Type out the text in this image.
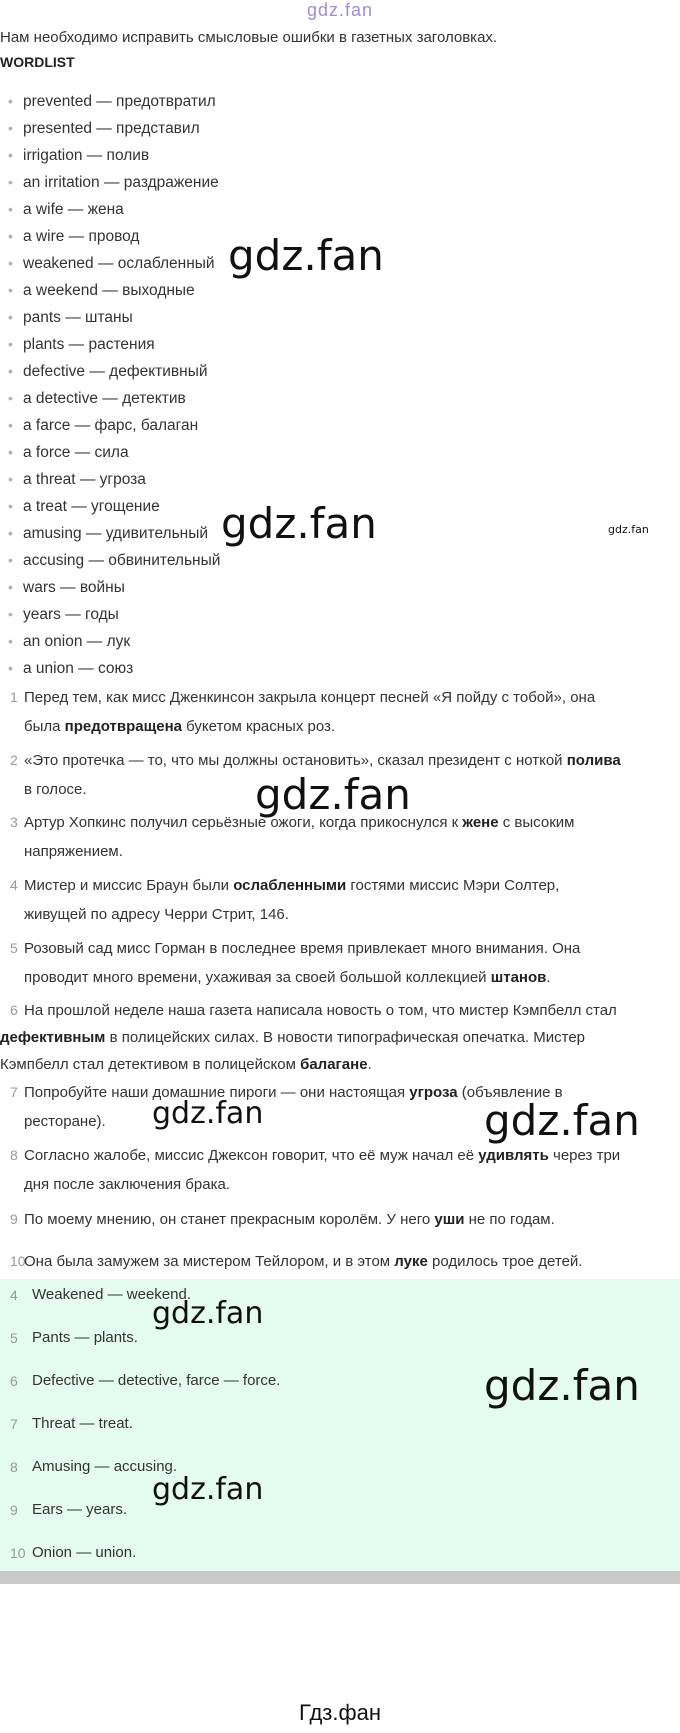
gdz.fan
Нам необходимо исправить смысловые ошибки в газетных заголовках.
WORDLIST
• prevented — предотвратил
• presented — представил
• irrigation — полив
• an irritation — раздражение
• a wife — жена
• a wire — провод
• weakened — ослабленный
• a weekend — выходные
• pants — штаны
• plants — растения
• defective — дефективный
• a detective — детектив
• a farce — фарс, балаган
• a force — сила
• a threat — угроза
• a treat — угощение
• amusing — удивительный
• accusing — обвинительный
• wars — войны
• years — годы
• an onion — лук
• a union — союз
1 Перед тем, как мисс Дженкинсон закрыла концерт песней «Я пойду с тобой», она
была предотвращена букетом красных роз.
2 «Это протечка — то, что мы должны остановить», сказал президент с ноткой полива
в голосе.
3 Артур Хопкинс получил серьёзные ожоги, когда прикоснулся к жене с высоким
напряжением.
4 Мистер и миссис Браун были ослабленными гостями миссис Мэри Солтер,
живущей по адресу Черри Стрит, 146.
5 Розовый сад мисс Горман в последнее время привлекает много внимания. Она
проводит много времени, ухаживая за своей большой коллекцией штанов.
6 На прошлой неделе наша газета написала новость о том, что мистер Кэмпбелл стал
дефективным в полицейских силах. В новости типографическая опечатка. Мистер
Кэмпбелл стал детективом в полицейском балагане.
7 Попробуйте наши домашние пироги — они настоящая угроза (объявление в
ресторане).
8 Согласно жалобе, миссис Джексон говорит, что её муж начал её удивлять через три
дня после заключения брака.
9 По моему мнению, он станет прекрасным королём. У него уши не по годам.
10
Она была замужем за мистером Тейлором, и в этом луке родилось трое детей.
4 Weakened — weekend.
5 Pants — plants.
6 Defective — detective, farce — force.
7 Threat — treat.
8 Amusing — accusing.
9 Ears — years.
10 Onion — union.
gdz.fan
gdz.fan	gdz.fan
gdz.fan
gdz.fan	gdz.fan
gdz.fan
gdz.fan
gdz.fan
Гдз.фан
